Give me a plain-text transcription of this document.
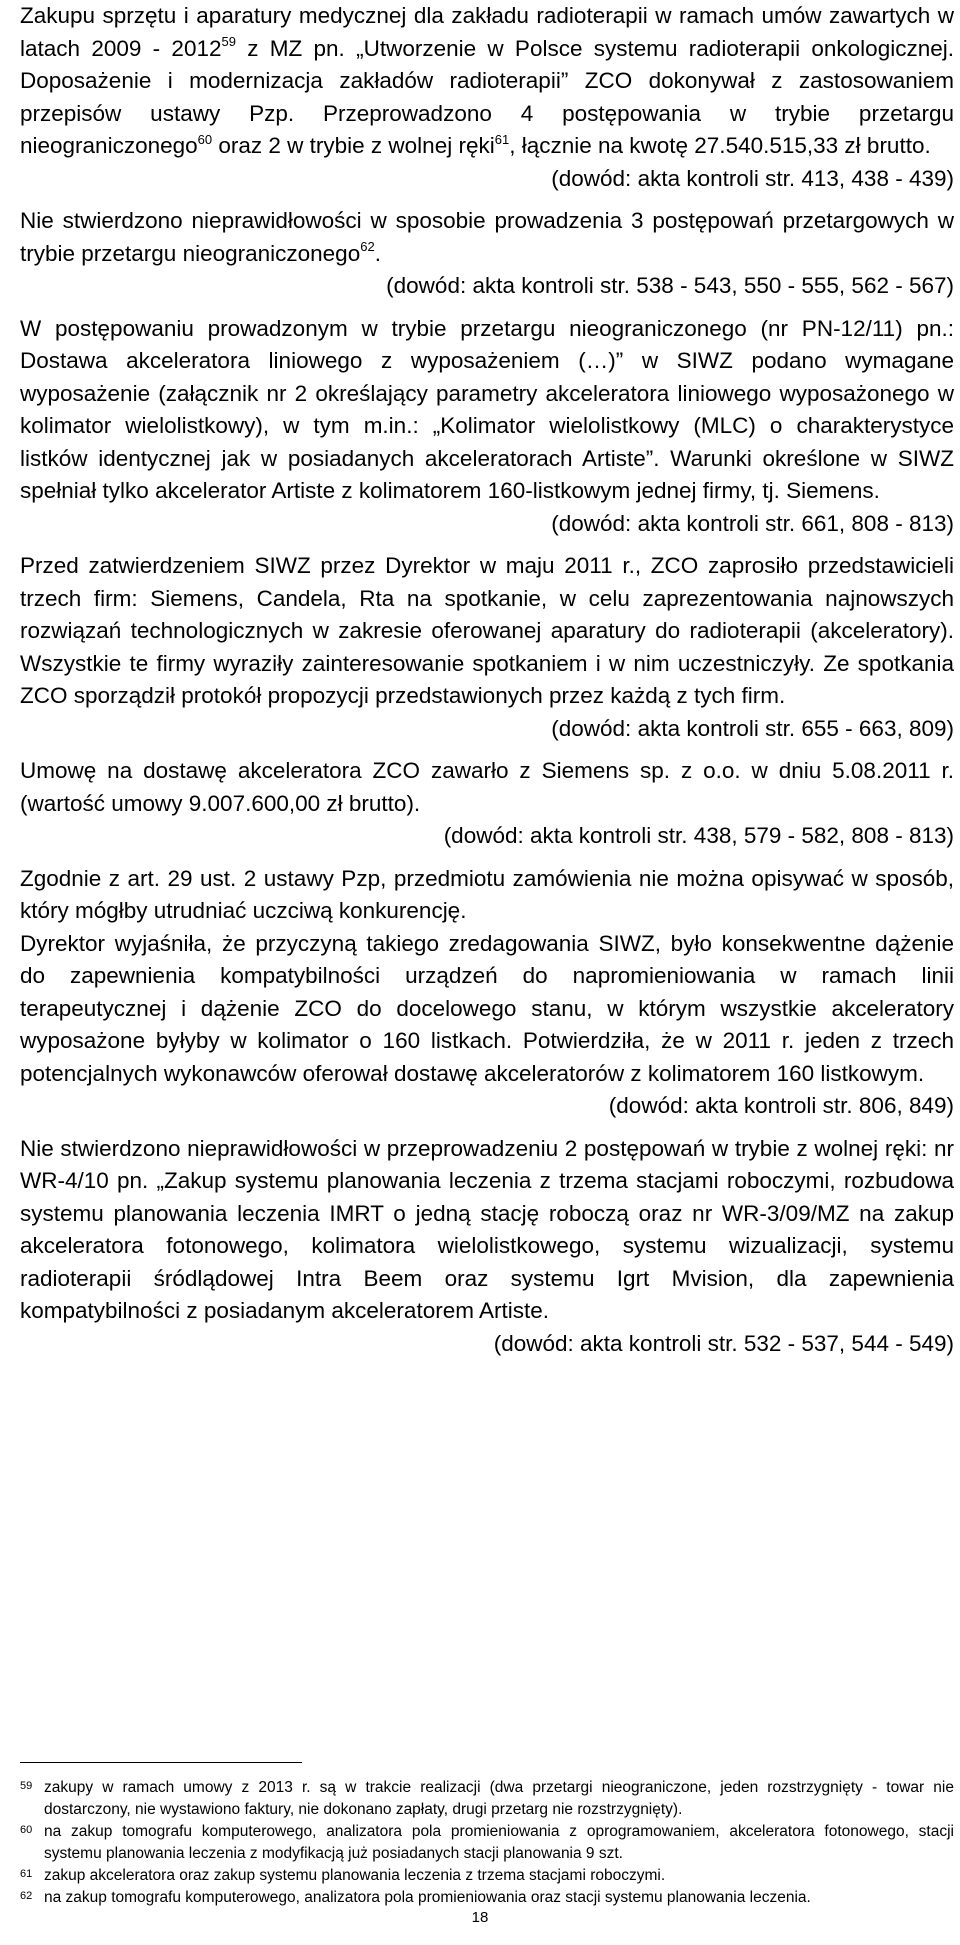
Zakupu sprzętu i aparatury medycznej dla zakładu radioterapii w ramach umów zawartych w latach 2009 - 2012$^{59}$ z MZ pn. „Utworzenie w Polsce systemu radioterapii onkologicznej. Doposażenie i modernizacja zakładów radioterapii” ZCO dokonywał z zastosowaniem przepisów ustawy Pzp. Przeprowadzono 4 postępowania w trybie przetargu nieograniczonego$^{60}$ oraz 2 w trybie z wolnej ręki$^{61}$, łącznie na kwotę 27.540.515,33 zł brutto.

(dowód: akta kontroli str. 413, 438 - 439)

Nie stwierdzono nieprawidłowości w sposobie prowadzenia 3 postępowań przetargowych w trybie przetargu nieograniczonego$^{62}$.

(dowód: akta kontroli str. 538 - 543, 550 - 555, 562 - 567)

W postępowaniu prowadzonym w trybie przetargu nieograniczonego (nr PN-12/11) pn.: Dostawa akceleratora liniowego z wyposażeniem (…)” w SIWZ podano wymagane wyposażenie (załącznik nr 2 określający parametry akceleratora liniowego wyposażonego w kolimator wielolistkowy), w tym m.in.: „Kolimator wielolistkowy (MLC) o charakterystyce listków identycznej jak w posiadanych akceleratorach Artiste”. Warunki określone w SIWZ spełniał tylko akcelerator Artiste z kolimatorem 160-listkowym jednej firmy, tj. Siemens.

(dowód: akta kontroli str. 661, 808 - 813)

Przed zatwierdzeniem SIWZ przez Dyrektor w maju 2011 r., ZCO zaprosiło przedstawicieli trzech firm: Siemens, Candela, Rta na spotkanie, w celu zaprezentowania najnowszych rozwiązań technologicznych w zakresie oferowanej aparatury do radioterapii (akceleratory). Wszystkie te firmy wyraziły zainteresowanie spotkaniem i w nim uczestniczyły. Ze spotkania ZCO sporządził protokół propozycji przedstawionych przez każdą z tych firm.

(dowód: akta kontroli str. 655 - 663, 809)

Umowę na dostawę akceleratora ZCO zawarło z Siemens sp. z o.o. w dniu 5.08.2011 r. (wartość umowy 9.007.600,00 zł brutto).

(dowód: akta kontroli str. 438, 579 - 582, 808 - 813)

Zgodnie z art. 29 ust. 2 ustawy Pzp, przedmiotu zamówienia nie można opisywać w sposób, który mógłby utrudniać uczciwą konkurencję.

Dyrektor wyjaśniła, że przyczyną takiego zredagowania SIWZ, było konsekwentne dążenie do zapewnienia kompatybilności urządzeń do napromieniowania w ramach linii terapeutycznej i dążenie ZCO do docelowego stanu, w którym wszystkie akceleratory wyposażone byłyby w kolimator o 160 listkach. Potwierdziła, że w 2011 r. jeden z trzech potencjalnych wykonawców oferował dostawę akceleratorów z kolimatorem 160 listkowym.

(dowód: akta kontroli str. 806, 849)

Nie stwierdzono nieprawidłowości w przeprowadzeniu 2 postępowań w trybie z wolnej ręki: nr WR-4/10 pn. „Zakup systemu planowania leczenia z trzema stacjami roboczymi, rozbudowa systemu planowania leczenia IMRT o jedną stację roboczą oraz nr WR-3/09/MZ na zakup akceleratora fotonowego, kolimatora wielolistkowego, systemu wizualizacji, systemu radioterapii śródlądowej Intra Beem oraz systemu Igrt Mvision, dla zapewnienia kompatybilności z posiadanym akceleratorem Artiste.

(dowód: akta kontroli str. 532 - 537, 544 - 549)

59 zakupy w ramach umowy z 2013 r. są w trakcie realizacji (dwa przetargi nieograniczone, jeden rozstrzygnięty - towar nie dostarczony, nie wystawiono faktury, nie dokonano zapłaty, drugi przetarg nie rozstrzygnięty).
60 na zakup tomografu komputerowego, analizatora pola promieniowania z oprogramowaniem, akceleratora fotonowego, stacji systemu planowania leczenia z modyfikacją już posiadanych stacji planowania 9 szt.
61 zakup akceleratora oraz zakup systemu planowania leczenia z trzema stacjami roboczymi.
62 na zakup tomografu komputerowego, analizatora pola promieniowania oraz stacji systemu planowania leczenia.
18
